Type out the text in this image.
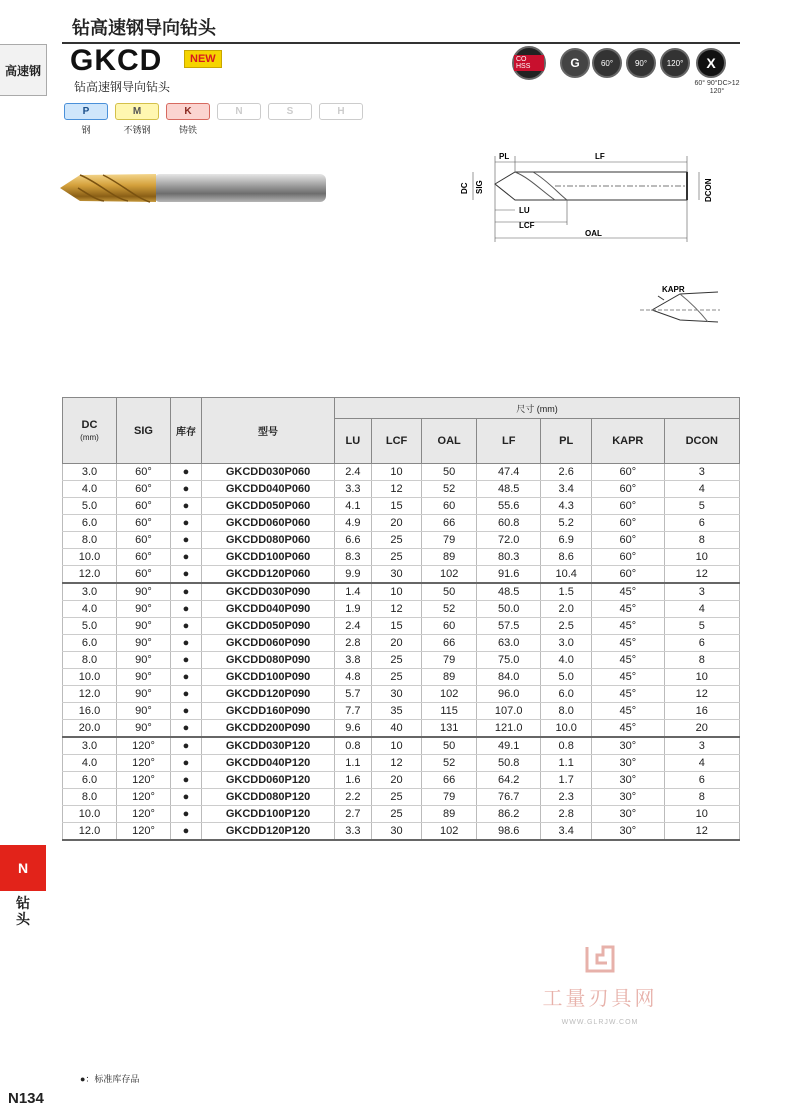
钻高速钢导向钻头
高速钢 GKCD	NEW
钻高速钢导向钻头
CO HSS	G	60°	90°	120°	X
60° 90°DC>12 120°
P	M	K	N	S	H
钢	不锈钢	铸铁
PL	LF
DC SIG	DCON
LU
LCF
OAL
KAPR
DC
(mm)	SIG	库存	型号	尺寸 (mm)						
				LU	LCF	OAL	LF	PL	KAPR	DCON
3.0	60°	●	GKCDD030P060	2.4	10	50	47.4	2.6	60°	3
4.0	60°	●	GKCDD040P060	3.3	12	52	48.5	3.4	60°	4
5.0	60°	●	GKCDD050P060	4.1	15	60	55.6	4.3	60°	5
6.0	60°	●	GKCDD060P060	4.9	20	66	60.8	5.2	60°	6
8.0	60°	●	GKCDD080P060	6.6	25	79	72.0	6.9	60°	8
10.0	60°	●	GKCDD100P060	8.3	25	89	80.3	8.6	60°	10
12.0	60°	●	GKCDD120P060	9.9	30	102	91.6	10.4	60°	12
3.0	90°	●	GKCDD030P090	1.4	10	50	48.5	1.5	45°	3
4.0	90°	●	GKCDD040P090	1.9	12	52	50.0	2.0	45°	4
5.0	90°	●	GKCDD050P090	2.4	15	60	57.5	2.5	45°	5
6.0	90°	●	GKCDD060P090	2.8	20	66	63.0	3.0	45°	6
8.0	90°	●	GKCDD080P090	3.8	25	79	75.0	4.0	45°	8
10.0	90°	●	GKCDD100P090	4.8	25	89	84.0	5.0	45°	10
12.0	90°	●	GKCDD120P090	5.7	30	102	96.0	6.0	45°	12
16.0	90°	●	GKCDD160P090	7.7	35	115	107.0	8.0	45°	16
20.0	90°	●	GKCDD200P090	9.6	40	131	121.0	10.0	45°	20
3.0	120°	●	GKCDD030P120	0.8	10	50	49.1	0.8	30°	3
4.0	120°	●	GKCDD040P120	1.1	12	52	50.8	1.1	30°	4
6.0	120°	●	GKCDD060P120	1.6	20	66	64.2	1.7	30°	6
8.0	120°	●	GKCDD080P120	2.2	25	79	76.7	2.3	30°	8
10.0	120°	●	GKCDD100P120	2.7	25	89	86.2	2.8	30°	10
12.0	120°	●	GKCDD120P120	3.3	30	102	98.6	3.4	30°	12
N
钻头
工量刃具网
WWW.GLRJW.COM
●：标准库存品
N134
